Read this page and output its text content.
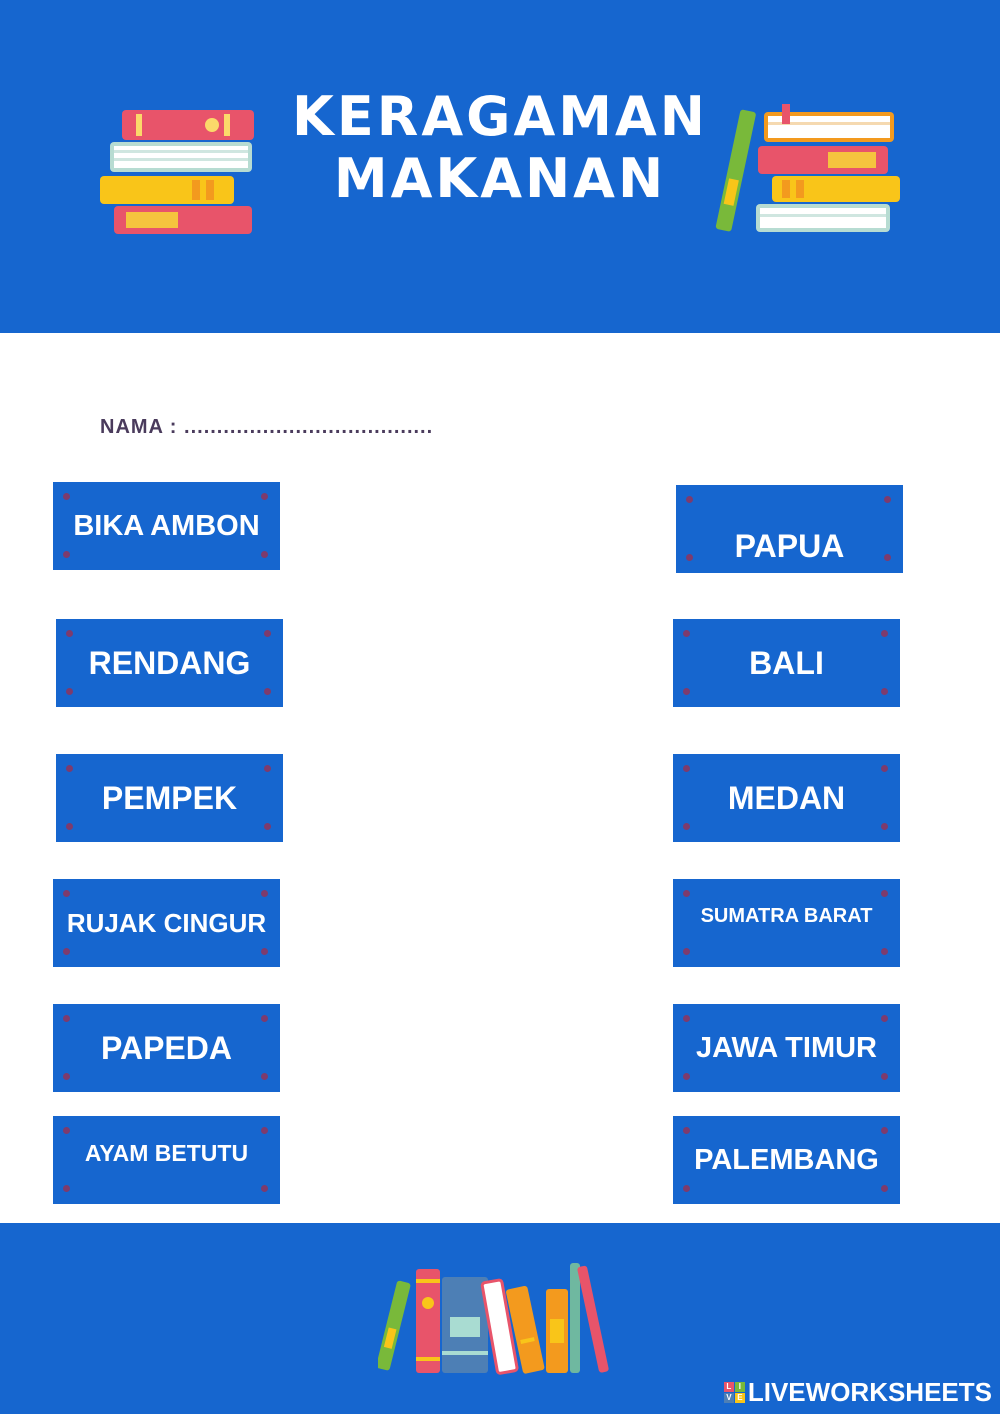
KERAGAMAN
MAKANAN
NAMA : ......................................
BIKA AMBON
RENDANG
PEMPEK
RUJAK CINGUR
PAPEDA
AYAM BETUTU
PAPUA
BALI
MEDAN
SUMATRA BARAT
JAWA TIMUR
PALEMBANG
L I
V E LIVEWORKSHEETS
